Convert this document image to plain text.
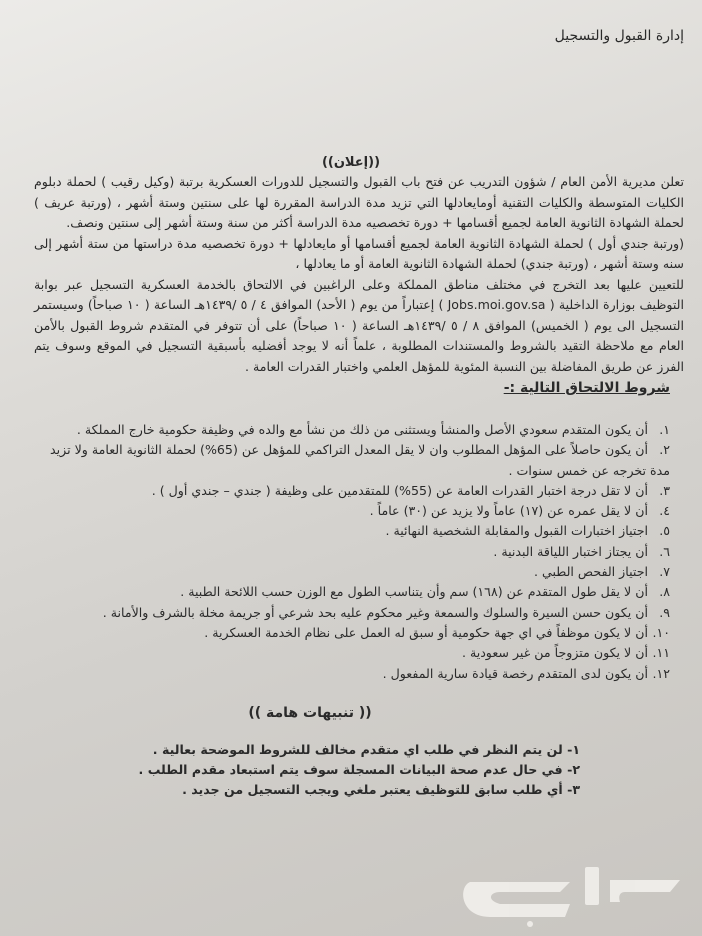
إدارة القبول والتسجيل
((إعلان))

تعلن مديرية الأمن العام / شؤون التدريب عن فتح باب القبول والتسجيل للدورات العسكرية برتبة (وكيل رقيب ) لحملة دبلوم الكليات المتوسطة والكليات التقنية أومايعادلها التي تزيد مدة الدراسة المقررة لها على سنتين وستة أشهر ، (ورتبة عريف ) لحملة الشهادة الثانوية العامة لجميع أقسامها + دورة تخصصيه مدة الدراسة أكثر من سنة وستة أشهر إلى سنتين ونصف.

(ورتبة جندي أول ) لحملة الشهادة الثانوية العامة لجميع أقسامها أو مايعادلها + دورة تخصصيه مدة دراستها من ستة أشهر إلى سنه وستة أشهر ، (ورتبة جندي) لحملة الشهادة الثانوية العامة أو ما يعادلها ،

للتعيين عليها بعد التخرج في مختلف مناطق المملكة وعلى الراغبين في الالتحاق بالخدمة العسكرية التسجيل عبر بوابة التوظيف بوزارة الداخلية ( Jobs.moi.gov.sa ) إعتباراً من يوم ( الأحد) الموافق ٤ / ٥ /١٤٣٩هـ الساعة ( ١٠ صباحاً) وسيستمر التسجيل الى يوم ( الخميس) الموافق ٨ / ٥ /١٤٣٩هـ الساعة ( ١٠ صباحاً) على أن تتوفر في المتقدم شروط القبول بالأمن العام مع ملاحظة التقيد بالشروط والمستندات المطلوبة ، علماً أنه لا يوجد أفضليه بأسبقية التسجيل في الموقع وسوف يتم الفرز عن طريق المفاضلة بين النسبة المئوية للمؤهل العلمي واختبار القدرات العامة .

شروط الالتحاق التالية :-
١. أن يكون المتقدم سعودي الأصل والمنشأ ويستثنى من ذلك من نشأ مع والده في وظيفة حكومية خارج المملكة .
٢. أن يكون حاصلاً على المؤهل المطلوب وان لا يقل المعدل التراكمي للمؤهل عن (65%) لحملة الثانوية العامة ولا تزيد مدة تخرجه عن خمس سنوات .
٣. أن لا تقل درجة اختبار القدرات العامة عن (55%) للمتقدمين على وظيفة ( جندي – جندي أول ) .
٤. أن لا يقل عمره عن (١٧) عاماً ولا يزيد عن (٣٠) عاماً .
٥. اجتياز اختبارات القبول والمقابلة الشخصية النهائية .
٦. أن يجتاز اختبار اللياقة البدنية .
٧. اجتياز الفحص الطبي .
٨. أن لا يقل طول المتقدم عن (١٦٨) سم وأن يتناسب الطول مع الوزن حسب اللائحة الطبية .
٩. أن يكون حسن السيرة والسلوك والسمعة وغير محكوم عليه بحد شرعي أو جريمة مخلة بالشرف والأمانة .
١٠. أن لا يكون موظفاً في اي جهة حكومية أو سبق له العمل على نظام الخدمة العسكرية .
١١. أن لا يكون متزوجاً من غير سعودية .
١٢. أن يكون لدى المتقدم رخصة قيادة سارية المفعول .
(( تنبيهات هامة ))
١- لن يتم النظر في طلب اي متقدم مخالف للشروط الموضحة بعالية .
٢- في حال عدم صحة البيانات المسجلة سوف يتم استبعاد مقدم الطلب .
٣- أي طلب سابق للتوظيف يعتبر ملغي ويجب التسجيل من جديد .
